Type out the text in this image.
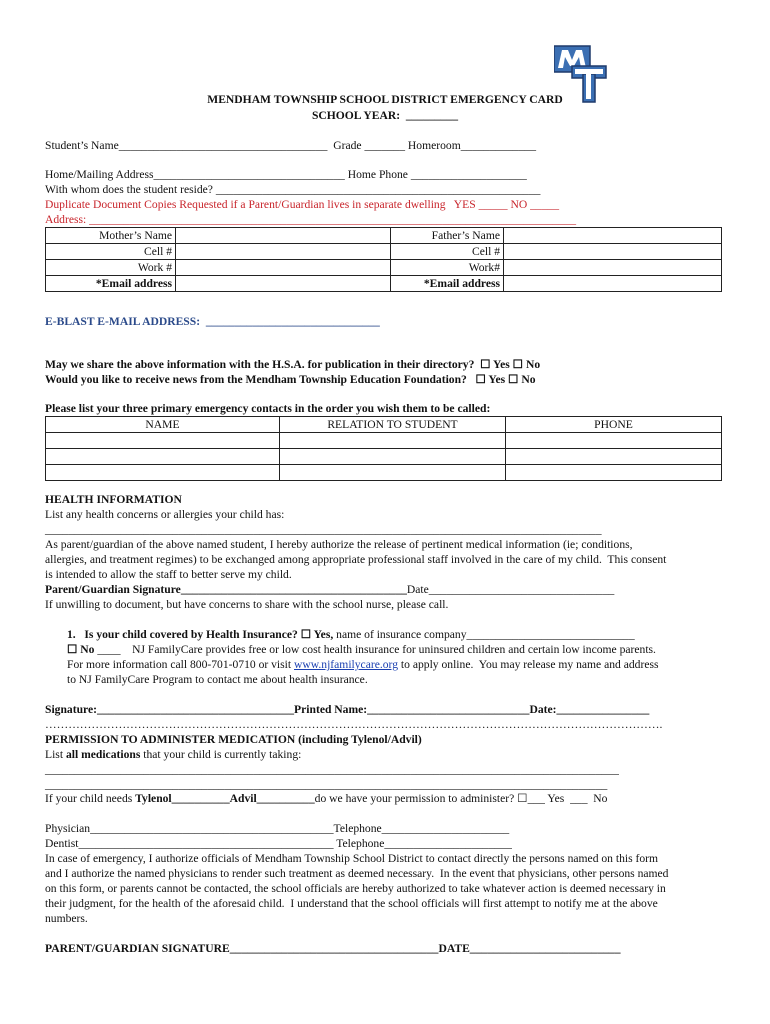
MENDHAM TOWNSHIP SCHOOL DISTRICT EMERGENCY CARD
SCHOOL YEAR:  _________
Student’s Name____________________________________  Grade _______ Homeroom_____________
Home/Mailing Address_________________________________ Home Phone ____________________
With whom does the student reside? ________________________________________________________
Duplicate Document Copies Requested if a Parent/Guardian lives in separate dwelling   YES _____ NO _____
Address: ____________________________________________________________________________________
Mother’s Name		Father’s Name	
Cell #		Cell #	
Work #		Work#	
*Email address		*Email address	
E-BLAST E-MAIL ADDRESS:  ______________________________
May we share the above information with the H.S.A. for publication in their directory?  ☐ Yes ☐ No
Would you like to receive news from the Mendham Township Education Foundation?   ☐ Yes ☐ No
Please list your three primary emergency contacts in the order you wish them to be called:
NAME	RELATION TO STUDENT	PHONE

HEALTH INFORMATION
List any health concerns or allergies your child has:
________________________________________________________________________________________________
As parent/guardian of the above named student, I hereby authorize the release of pertinent medical information (ie; conditions,
allergies, and treatment regimes) to be exchanged among appropriate professional staff involved in the care of my child.  This consent
is intended to allow the staff to better serve my child.
Parent/Guardian Signature_______________________________________Date________________________________
If unwilling to document, but have concerns to share with the school nurse, please call.
1. Is your child covered by Health Insurance? ☐ Yes, name of insurance company_____________________________
☐ No ____    NJ FamilyCare provides free or low cost health insurance for uninsured children and certain low income parents.
For more information call 800-701-0710 or visit www.njfamilycare.org to apply online.  You may release my name and address
to NJ FamilyCare Program to contact me about health insurance.
Signature:__________________________________Printed Name:____________________________Date:________________
…………………………………………………………………………………………………………………………………………….
PERMISSION TO ADMINISTER MEDICATION (including Tylenol/Advil)
List all medications that your child is currently taking:
___________________________________________________________________________________________________
_________________________________________________________________________________________________
If your child needs Tylenol__________Advil__________do we have your permission to administer? ☐___ Yes  ___  No
Physician__________________________________________Telephone______________________
Dentist____________________________________________ Telephone______________________
In case of emergency, I authorize officials of Mendham Township School District to contact directly the persons named on this form
and I authorize the named physicians to render such treatment as deemed necessary.  In the event that physicians, other persons named
on this form, or parents cannot be contacted, the school officials are hereby authorized to take whatever action is deemed necessary in
their judgment, for the health of the aforesaid child.  I understand that the school officials will first attempt to notify me at the above
numbers.
PARENT/GUARDIAN SIGNATURE____________________________________DATE__________________________
